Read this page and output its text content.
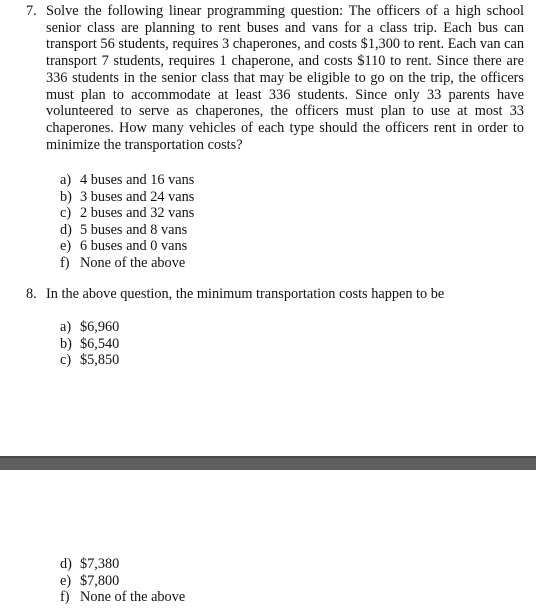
7. Solve the following linear programming question: The officers of a high school senior class are planning to rent buses and vans for a class trip. Each bus can transport 56 students, requires 3 chaperones, and costs $1,300 to rent. Each van can transport 7 students, requires 1 chaperone, and costs $110 to rent. Since there are 336 students in the senior class that may be eligible to go on the trip, the officers must plan to accommodate at least 336 students. Since only 33 parents have volunteered to serve as chaperones, the officers must plan to use at most 33 chaperones. How many vehicles of each type should the officers rent in order to minimize the transportation costs?
a) 4 buses and 16 vans
b) 3 buses and 24 vans
c) 2 buses and 32 vans
d) 5 buses and 8 vans
e) 6 buses and 0 vans
f) None of the above
8. In the above question, the minimum transportation costs happen to be
a) $6,960
b) $6,540
c) $5,850
d) $7,380
e) $7,800
f) None of the above
